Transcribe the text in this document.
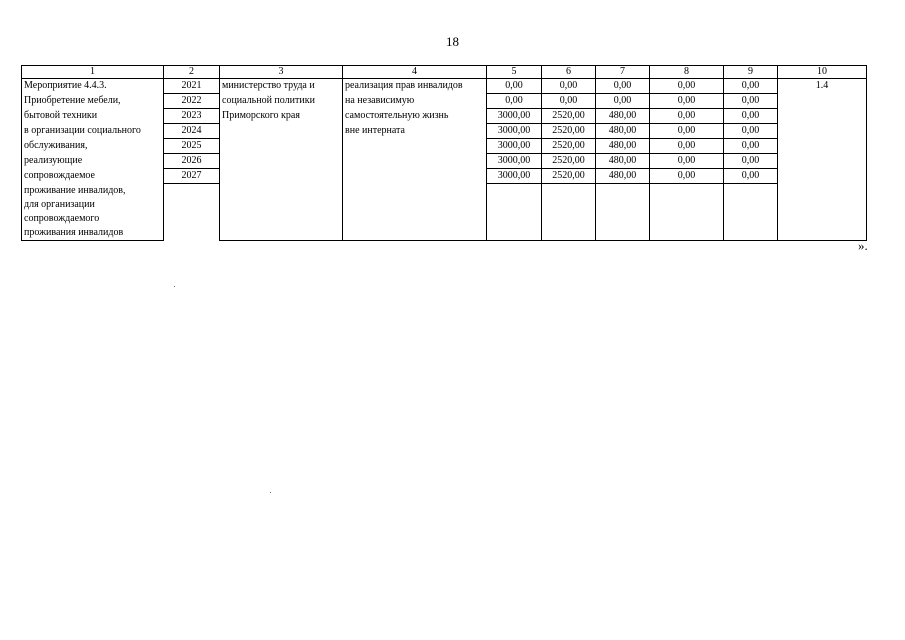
18
1	2	3	4	5	6	7	8	9	10
Мероприятие 4.4.3.	2021	министерство труда и	реализация прав инвалидов	0,00	0,00	0,00	0,00	0,00	1.4
Приобретение мебели,	2022	социальной политики	на независимую	0,00	0,00	0,00	0,00	0,00	
бытовой техники	2023	Приморского края	самостоятельную жизнь	3000,00	2520,00	480,00	0,00	0,00	
в организации социального	2024		вне интерната	3000,00	2520,00	480,00	0,00	0,00	
обслуживания,	2025			3000,00	2520,00	480,00	0,00	0,00	
реализующие	2026			3000,00	2520,00	480,00	0,00	0,00	
сопровождаемое	2027			3000,00	2520,00	480,00	0,00	0,00	
проживание инвалидов,									
для организации									
сопровождаемого									
проживания инвалидов									
».
